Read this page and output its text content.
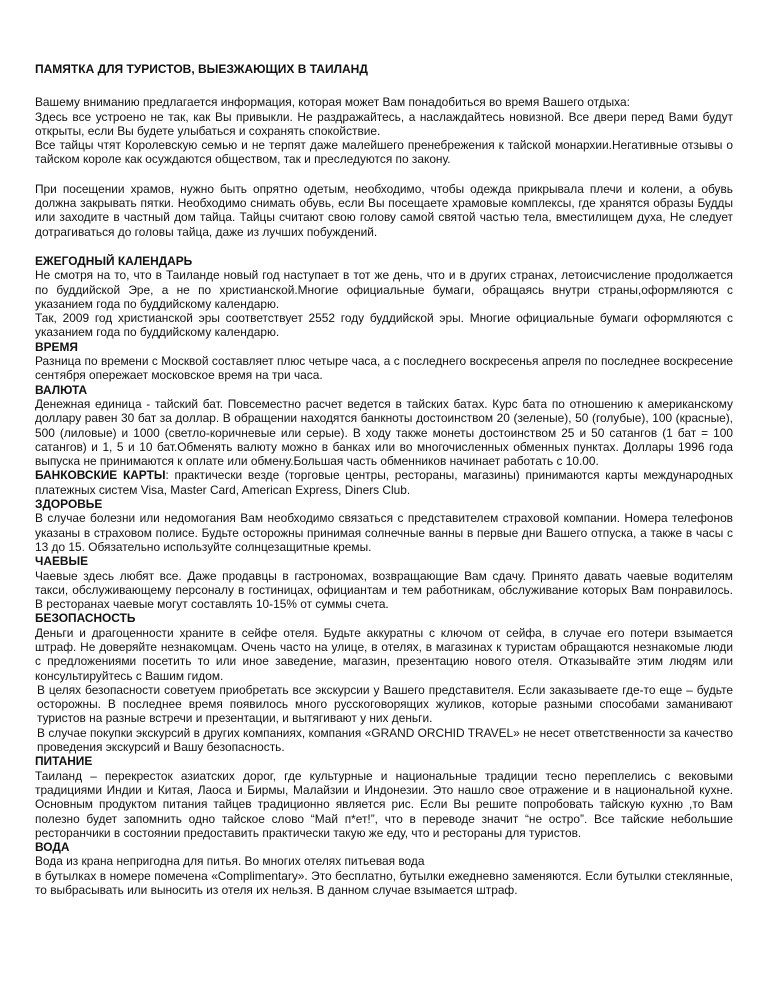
ПАМЯТКА ДЛЯ ТУРИСТОВ, ВЫЕЗЖАЮЩИХ В ТАИЛАНД

Вашему вниманию предлагается информация, которая может Вам понадобиться во время Вашего отдыха:

Здесь все устроено не так, как Вы привыкли. Не раздражайтесь, а наслаждайтесь новизной. Все двери перед Вами будут открыты, если Вы будете улыбаться и сохранять спокойствие.

Все тайцы чтят Королевскую семью и не терпят даже малейшего пренебрежения к тайской монархии.Негативные отзывы о тайском короле как осуждаются обществом, так и преследуются по закону.

При посещении храмов, нужно быть опрятно одетым, необходимо, чтобы одежда прикрывала плечи и колени, а обувь должна закрывать пятки. Необходимо снимать обувь, если Вы посещаете храмовые комплексы, где хранятся образы Будды или заходите в частный дом тайца. Тайцы считают свою голову самой святой частью тела, вместилищем духа, Не следует дотрагиваться до головы тайца, даже из лучших побуждений.

ЕЖЕГОДНЫЙ КАЛЕНДАРЬ

Не смотря на то, что в Таиланде новый год наступает в тот же день, что и в других странах, летоисчисление продолжается по буддийской Эре, а не по христианской.Многие официальные бумаги, обращаясь внутри страны,оформляются с указанием года по буддийскому календарю.

Так, 2009 год христианской эры соответствует 2552 году буддийской эры. Многие официальные бумаги оформляются с указанием года по буддийскому календарю.

ВРЕМЯ

Разница по времени с Москвой составляет плюс четыре часа, а с последнего воскресенья апреля по последнее воскресение сентября опережает московское время на три часа.

ВАЛЮТА

Денежная единица - тайский бат. Повсеместно расчет ведется в тайских батах. Курс бата по отношению к американскому доллару равен 30 бат за доллар. В обращении находятся банкноты достоинством 20 (зеленые), 50 (голубые), 100 (красные), 500 (лиловые) и 1000 (светло-коричневые или серые). В ходу также монеты достоинством 25 и 50 сатангов (1 бат = 100 сатангов) и 1, 5 и 10 бат.Обменять валюту можно в банках или во многочисленных обменных пунктах. Доллары 1996 года выпуска не принимаются к оплате или обмену.Большая часть обменников начинает работать с 10.00.

БАНКОВСКИЕ КАРТЫ: практически везде (торговые центры, рестораны, магазины) принимаются карты международных платежных систем Visa, Master Card, American Express, Diners Club.

ЗДОРОВЬЕ

В случае болезни или недомогания Вам необходимо связаться с представителем страховой компании. Номера телефонов указаны в страховом полисе. Будьте осторожны принимая солнечные ванны в первые дни Вашего отпуска, а также в часы с 13 до 15. Обязательно используйте солнцезащитные кремы.

ЧАЕВЫЕ

Чаевые здесь любят все. Даже продавцы в гастрономах, возвращающие Вам сдачу. Принято давать чаевые водителям такси, обслуживающему персоналу в гостиницах, официантам и тем работникам, обслуживание которых Вам понравилось. В ресторанах чаевые могут составлять 10-15% от суммы счета.

БЕЗОПАСНОСТЬ

Деньги и драгоценности храните в сейфе отеля. Будьте аккуратны с ключом от сейфа, в случае его потери взымается штраф. Не доверяйте незнакомцам. Очень часто на улице, в отелях, в магазинах к туристам обращаются незнакомые люди с предложениями посетить то или иное заведение, магазин, презентацию нового отеля. Отказывайте этим людям или консультируйтесь с Вашим гидом.

В целях безопасности советуем приобретать все экскурсии у Вашего представителя. Если заказываете где-то еще – будьте осторожны. В последнее время появилось много русскоговорящих жуликов, которые разными способами заманивают туристов на разные встречи и презентации, и вытягивают у них деньги.

В случае покупки экскурсий в других компаниях, компания «GRAND ORCHID TRAVEL» не несет ответственности за качество проведения экскурсий и Вашу безопасность.

ПИТАНИЕ

Таиланд – перекресток азиатских дорог, где культурные и национальные традиции тесно переплелись с вековыми традициями Индии и Китая, Лаоса и Бирмы, Малайзии и Индонезии. Это нашло свое отражение и в национальной кухне. Основным продуктом питания тайцев традиционно является рис. Если Вы решите попробовать тайскую кухню ,то Вам полезно будет запомнить одно тайское слово “Май п*ет!”, что в переводе значит “не остро”. Все тайские небольшие ресторанчики в состоянии предоставить практически такую же еду, что и рестораны для туристов.

ВОДА

Вода из крана непригодна для питья. Во многих отелях питьевая вода

в бутылках в номере помечена «Complimentary». Это бесплатно, бутылки ежедневно заменяются. Если бутылки стеклянные, то выбрасывать или выносить из отеля их нельзя. В данном случае взымается штраф.
